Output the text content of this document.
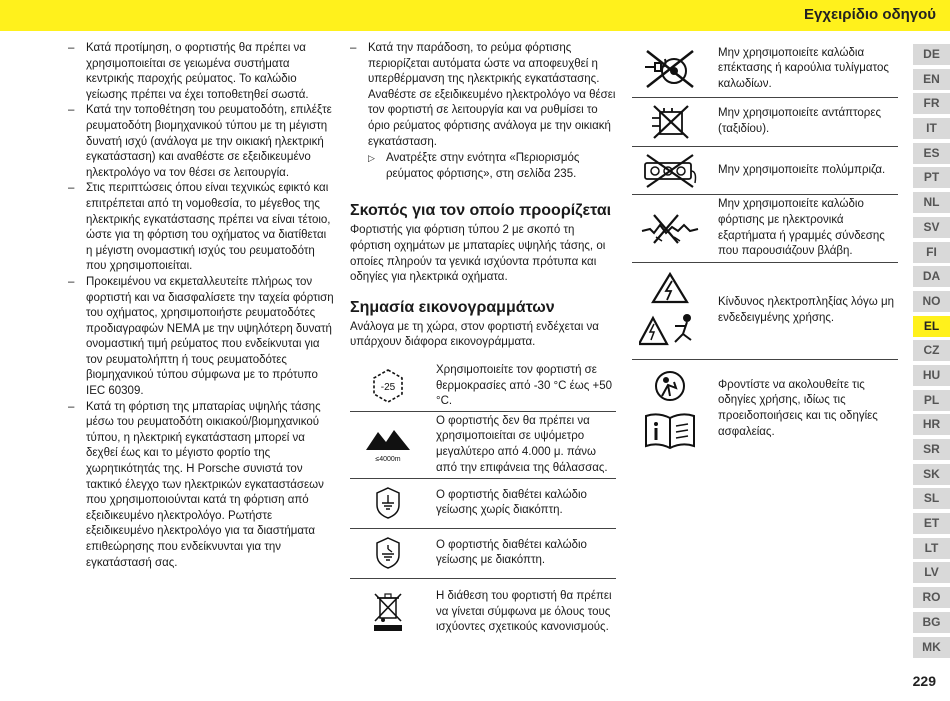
Εγχειρίδιο οδηγού
– Κατά προτίμηση, ο φορτιστής θα πρέπει να χρησιμοποιείται σε γειωμένα συστήματα κεντρικής παροχής ρεύματος. Το καλώδιο γείωσης πρέπει να έχει τοποθετηθεί σωστά.
– Κατά την τοποθέτηση του ρευματοδότη, επιλέξτε ρευματοδότη βιομηχανικού τύπου με τη μέγιστη δυνατή ισχύ (ανάλογα με την οικιακή ηλεκτρική εγκατάσταση) και αναθέστε σε εξειδικευμένο ηλεκτρολόγο να τον θέσει σε λειτουργία.
– Στις περιπτώσεις όπου είναι τεχνικώς εφικτό και επιτρέπεται από τη νομοθεσία, το μέγεθος της ηλεκτρικής εγκατάστασης πρέπει να είναι τέτοιο, ώστε για τη φόρτιση του οχήματος να διατίθεται η μέγιστη ονομαστική ισχύς του ρευματοδότη που χρησιμοποιείται.
– Προκειμένου να εκμεταλλευτείτε πλήρως τον φορτιστή και να διασφαλίσετε την ταχεία φόρτιση του οχήματος, χρησιμοποιήστε ρευματοδότες προδιαγραφών NEMA με την υψηλότερη δυνατή ονομαστική τιμή ρεύματος που ενδείκνυται για τον ρευματολήπτη ή τους ρευματοδότες βιομηχανικού τύπου σύμφωνα με το πρότυπο IEC 60309.
– Κατά τη φόρτιση της μπαταρίας υψηλής τάσης μέσω του ρευματοδότη οικιακού/βιομηχανικού τύπου, η ηλεκτρική εγκατάσταση μπορεί να δεχθεί έως και το μέγιστο φορτίο της χωρητικότητάς της. Η Porsche συνιστά τον τακτικό έλεγχο των ηλεκτρικών εγκαταστάσεων που χρησιμοποιούνται κατά τη φόρτιση από εξειδικευμένο ηλεκτρολόγο. Ρωτήστε εξειδικευμένο ηλεκτρολόγο για τα διαστήματα επιθεώρησης που ενδείκνυνται για την εγκατάστασή σας.
– Κατά την παράδοση, το ρεύμα φόρτισης περιορίζεται αυτόματα ώστε να αποφευχθεί η υπερθέρμανση της ηλεκτρικής εγκατάστασης. Αναθέστε σε εξειδικευμένο ηλεκτρολόγο να θέσει τον φορτιστή σε λειτουργία και να ρυθμίσει το όριο ρεύματος φόρτισης ανάλογα με την οικιακή εγκατάσταση.
▷ Ανατρέξτε στην ενότητα «Περιορισμός ρεύματος φόρτισης», στη σελίδα 235.
Σκοπός για τον οποίο προορίζεται
Φορτιστής για φόρτιση τύπου 2 με σκοπό τη φόρτιση οχημάτων με μπαταρίες υψηλής τάσης, οι οποίες πληρούν τα γενικά ισχύοντα πρότυπα και οδηγίες για ηλεκτρικά οχήματα.
Σημασία εικονογραμμάτων
Ανάλογα με τη χώρα, στον φορτιστή ενδέχεται να υπάρχουν διάφορα εικονογράμματα.
-25
Χρησιμοποιείτε τον φορτιστή σε θερμοκρασίες από -30 °C έως +50 °C.
≤4000m
Ο φορτιστής δεν θα πρέπει να χρησιμοποιείται σε υψόμετρο μεγαλύτερο από 4.000 μ. πάνω από την επιφάνεια της θάλασσας.
Ο φορτιστής διαθέτει καλώδιο γείωσης χωρίς διακόπτη.
Ο φορτιστής διαθέτει καλώδιο γείωσης με διακόπτη.
Η διάθεση του φορτιστή θα πρέπει να γίνεται σύμφωνα με όλους τους ισχύοντες σχετικούς κανονισμούς.
Μην χρησιμοποιείτε καλώδια επέκτασης ή καρούλια τυλίγματος καλωδίων.
Μην χρησιμοποιείτε αντάπτορες (ταξιδίου).
Μην χρησιμοποιείτε πολύμπριζα.
Μην χρησιμοποιείτε καλώδιο φόρτισης με ηλεκτρονικά εξαρτήματα ή γραμμές σύνδεσης που παρουσιάζουν βλάβη.
Κίνδυνος ηλεκτροπληξίας λόγω μη ενδεδειγμένης χρήσης.
Φροντίστε να ακολουθείτε τις οδηγίες χρήσης, ιδίως τις προειδοποιήσεις και τις οδηγίες ασφαλείας.
DE
EN
FR
IT
ES
PT
NL
SV
FI
DA
NO
EL
CZ
HU
PL
HR
SR
SK
SL
ET
LT
LV
RO
BG
MK
229
